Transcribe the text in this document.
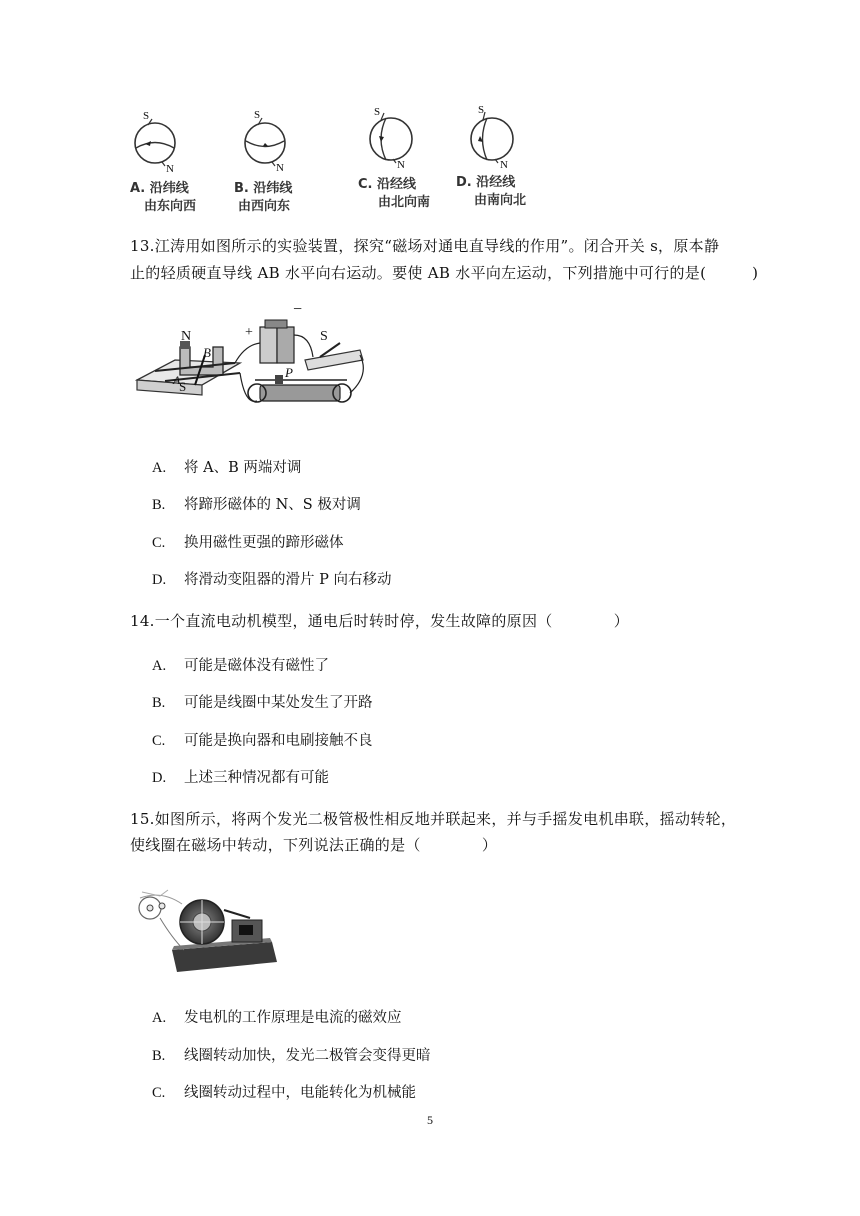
S
N
A. 沿纬线
由东向西
S
N
B. 沿纬线
由西向东
S
N
C. 沿经线
由北向南
S
N
D. 沿经线
由南向北
13.江涛用如图所示的实验装置，探究“磁场对通电直导线的作用”。闭合开关 s，原本静
止的轻质硬直导线 AB 水平向右运动。要使 AB 水平向左运动，下列措施中可行的是(　　　)
N
S
B
A
S
P
+
−
A. 将 A、B 两端对调
B. 将蹄形磁体的 N、S 极对调
C. 换用磁性更强的蹄形磁体
D. 将滑动变阻器的滑片 P 向右移动
14.一个直流电动机模型，通电后时转时停，发生故障的原因（　　　　）
A. 可能是磁体没有磁性了
B. 可能是线圈中某处发生了开路
C. 可能是换向器和电刷接触不良
D. 上述三种情况都有可能
15.如图所示，将两个发光二极管极性相反地并联起来，并与手摇发电机串联，摇动转轮，
使线圈在磁场中转动，下列说法正确的是（　　　　）
A. 发电机的工作原理是电流的磁效应
B. 线圈转动加快，发光二极管会变得更暗
C. 线圈转动过程中，电能转化为机械能
5
